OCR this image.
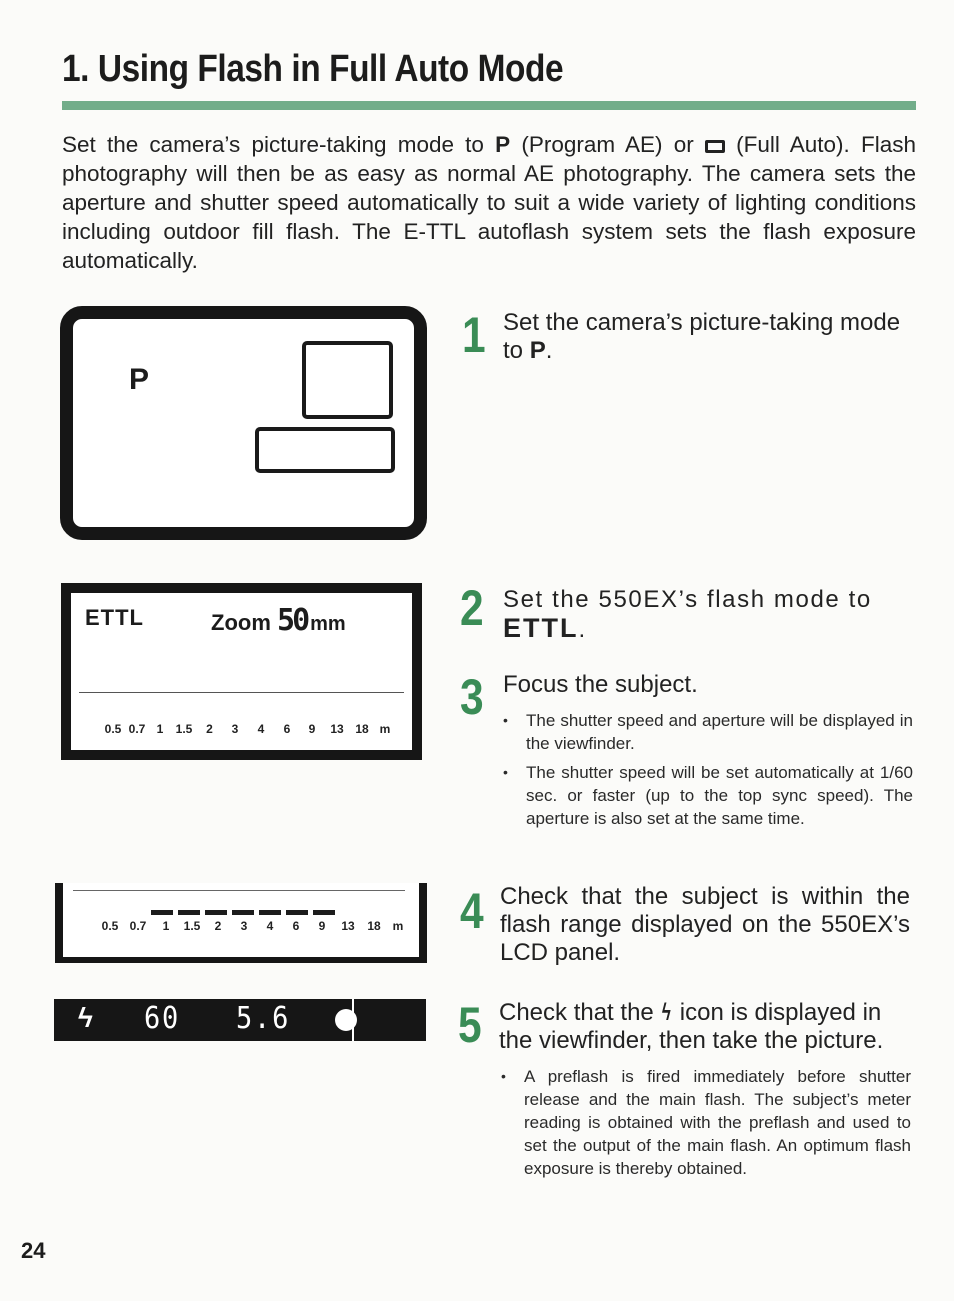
1. Using Flash in Full Auto Mode

Set the camera’s picture-taking mode to P (Program AE) or  (Full Auto). Flash photography will then be as easy as normal AE photography. The camera sets the aperture and shutter speed automatically to suit a wide variety of lighting conditions including outdoor fill flash. The E-TTL autoflash system sets the flash exposure automatically.

P
ETTL	Zoom 50 mm
0.5 0.7 1	1.5	2	3	4	6	9	13 18 m
0.5 0.7	1	1.5	2	3	4	6	9	13	18 m
ϟ 60 5.6
1 Set the camera’s picture-taking mode to P.

2 Set the 550EX’s flash mode to ETTL.

3 Focus the subject.

• The shutter speed and aperture will be displayed in the viewfinder.
• The shutter speed will be set automatically at 1/60 sec. or faster (up to the top sync speed). The aperture is also set at the same time.
4 Check that the subject is within the flash range displayed on the 550EX’s LCD panel.

5 Check that the ϟ icon is displayed in the viewfinder, then take the picture.

• A preflash is fired immediately before shutter release and the main flash. The subject’s meter reading is obtained with the preflash and used to set the output of the main flash. An optimum flash exposure is thereby obtained.
24
